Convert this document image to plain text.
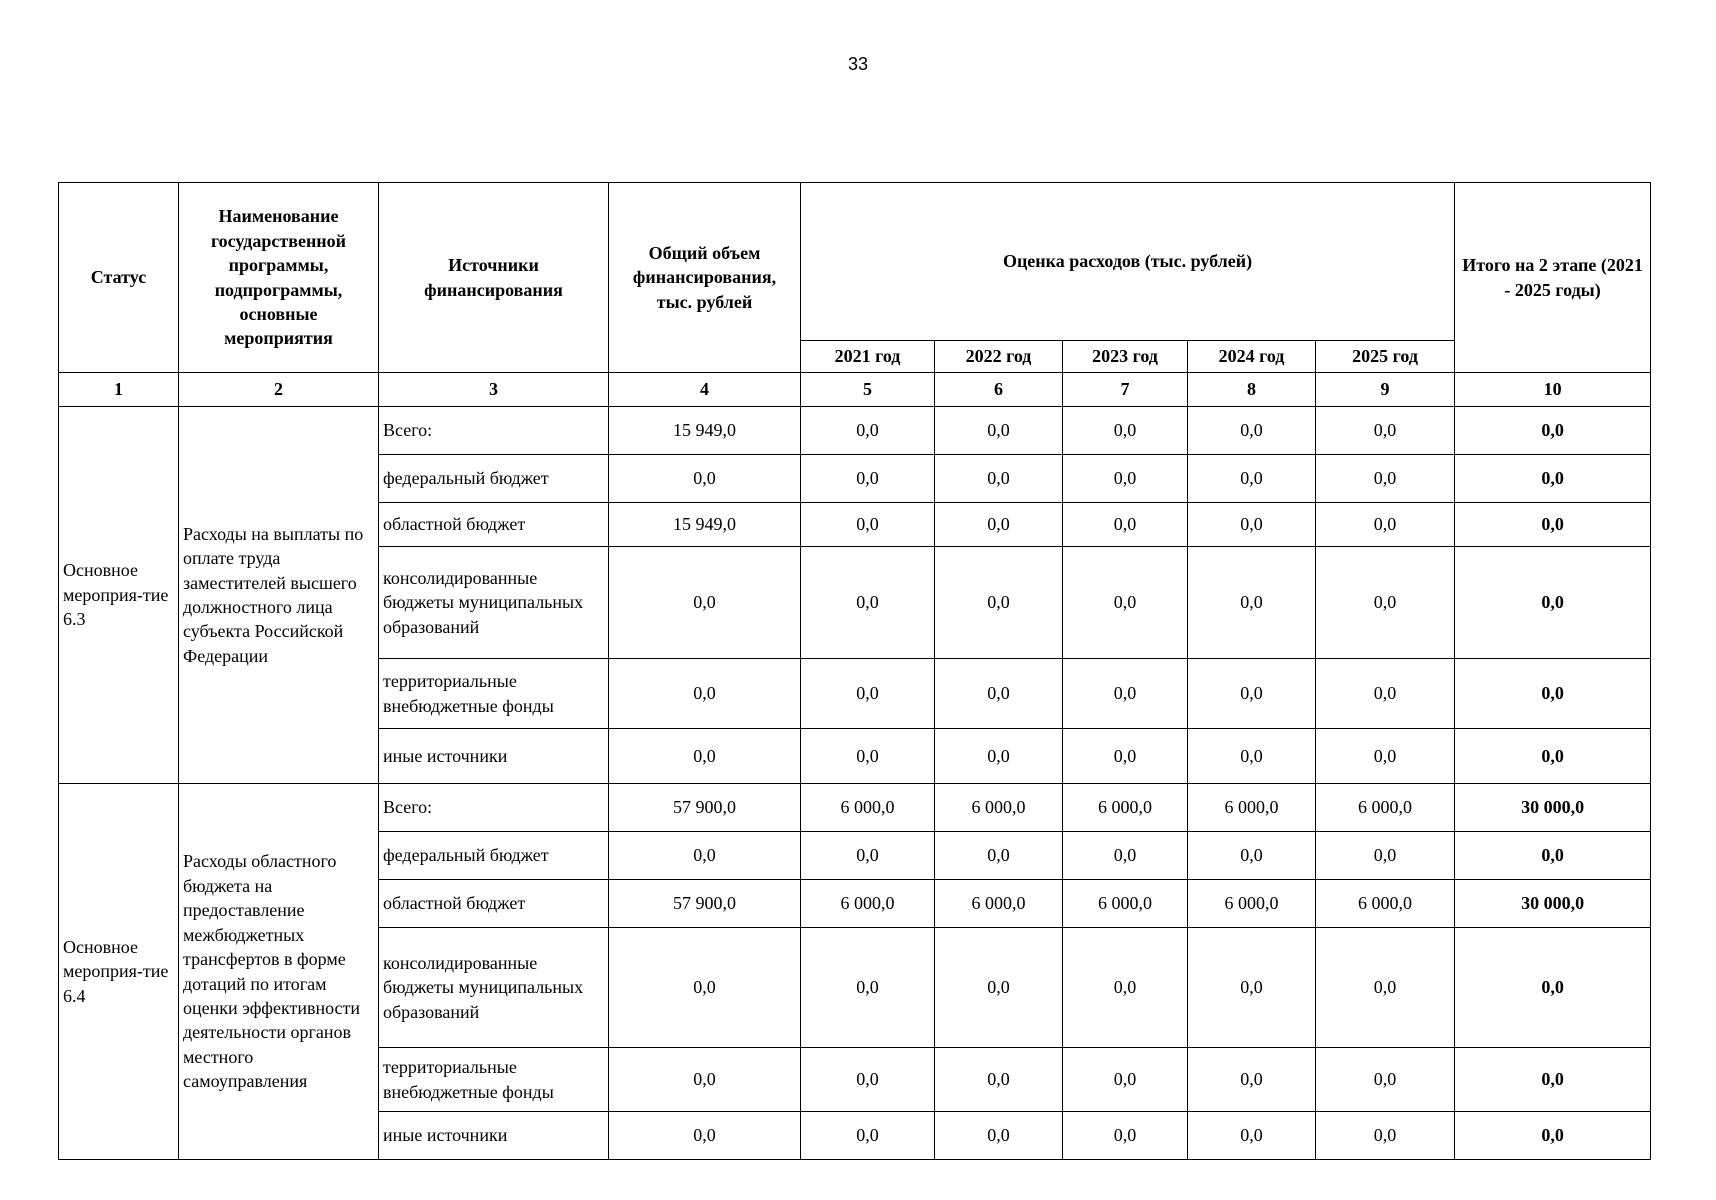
33
Статус	Наименование государственной программы, подпрограммы, основные мероприятия	Источники финансирования	Общий объем финансирования, тыс. рублей	Оценка расходов (тыс. рублей)					Итого на 2 этапе (2021 - 2025 годы)
				2021 год	2022 год	2023 год	2024 год	2025 год	
1	2	3	4	5	6	7	8	9	10
Основное мероприя-тие 6.3	Расходы на выплаты по оплате труда заместителей высшего должностного лица субъекта Российской Федерации	Всего:	15 949,0	0,0	0,0	0,0	0,0	0,0	0,0
		федеральный бюджет	0,0	0,0	0,0	0,0	0,0	0,0	0,0
		областной бюджет	15 949,0	0,0	0,0	0,0	0,0	0,0	0,0
		консолидированные бюджеты муниципальных образований	0,0	0,0	0,0	0,0	0,0	0,0	0,0
		территориальные внебюджетные фонды	0,0	0,0	0,0	0,0	0,0	0,0	0,0
		иные источники	0,0	0,0	0,0	0,0	0,0	0,0	0,0
Основное мероприя-тие 6.4	Расходы областного бюджета на предоставление межбюджетных трансфертов в форме дотаций по итогам оценки эффективности деятельности органов местного самоуправления	Всего:	57 900,0	6 000,0	6 000,0	6 000,0	6 000,0	6 000,0	30 000,0
		федеральный бюджет	0,0	0,0	0,0	0,0	0,0	0,0	0,0
		областной бюджет	57 900,0	6 000,0	6 000,0	6 000,0	6 000,0	6 000,0	30 000,0
		консолидированные бюджеты муниципальных образований	0,0	0,0	0,0	0,0	0,0	0,0	0,0
		территориальные внебюджетные фонды	0,0	0,0	0,0	0,0	0,0	0,0	0,0
		иные источники	0,0	0,0	0,0	0,0	0,0	0,0	0,0
